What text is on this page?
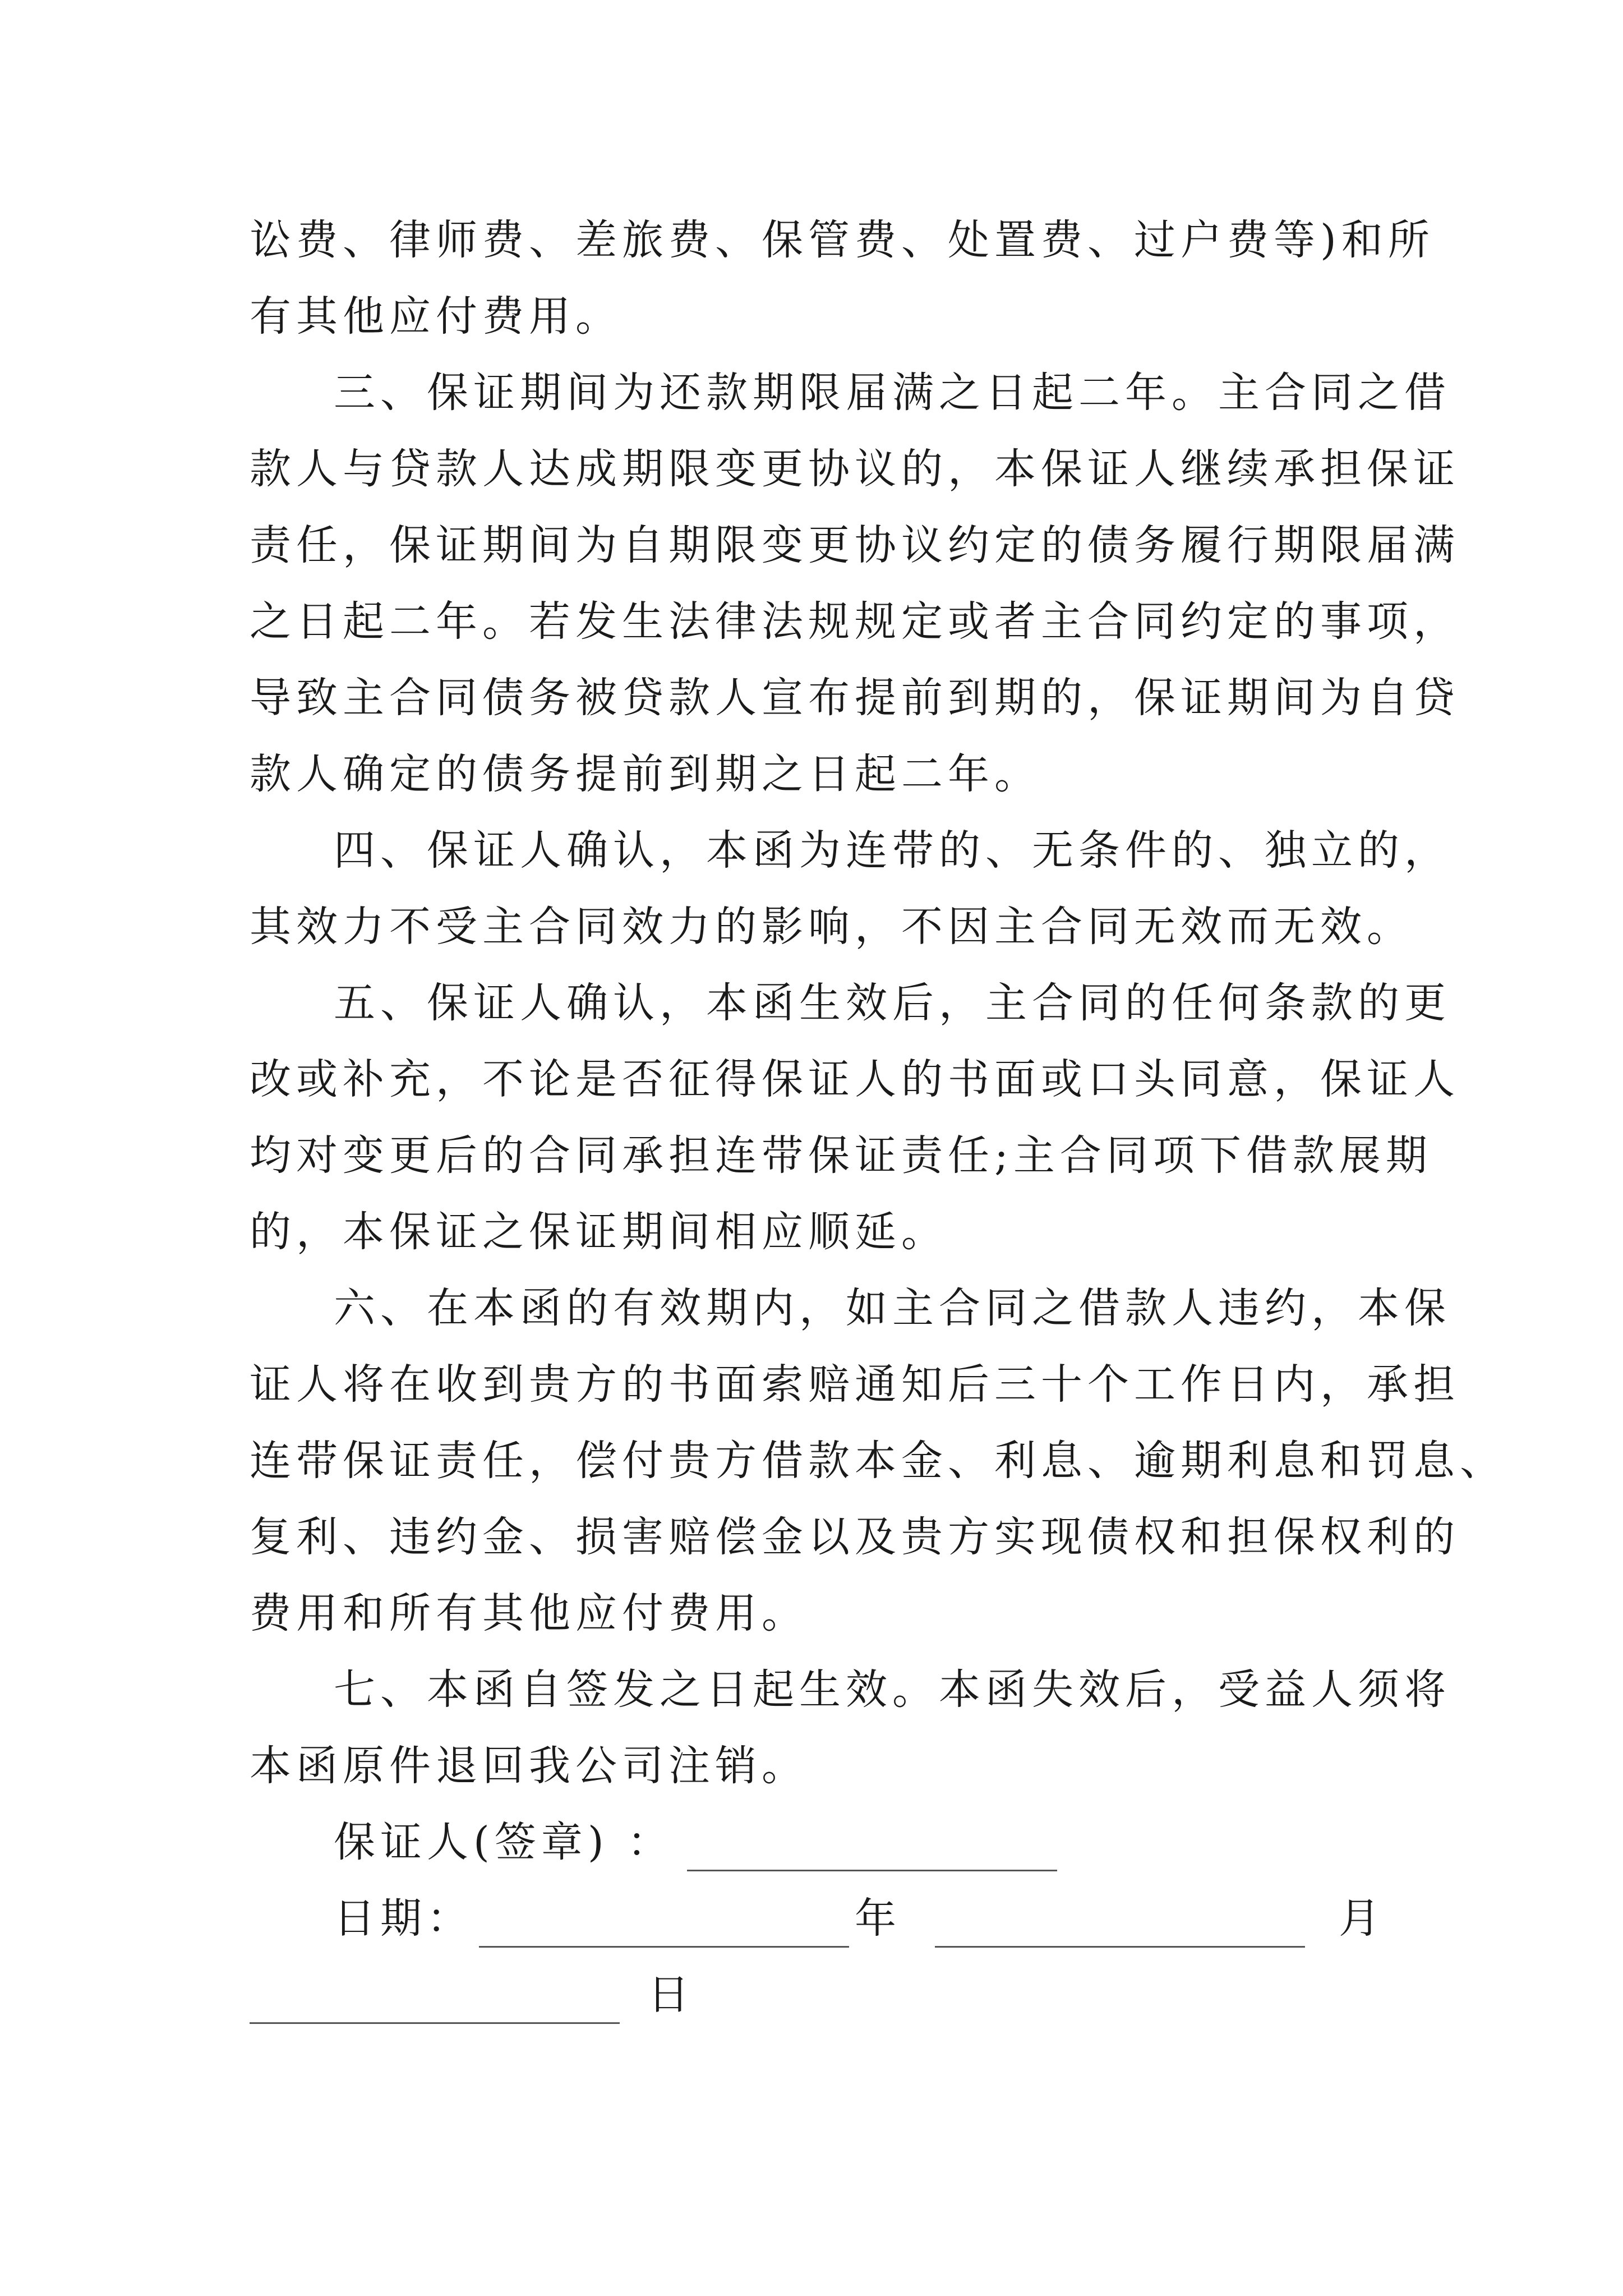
讼费、律师费、差旅费、保管费、处置费、过户费等)和所
有其他应付费用。
三、保证期间为还款期限届满之日起二年。主合同之借
款人与贷款人达成期限变更协议的，本保证人继续承担保证
责任，保证期间为自期限变更协议约定的债务履行期限届满
之日起二年。若发生法律法规规定或者主合同约定的事项，
导致主合同债务被贷款人宣布提前到期的，保证期间为自贷
款人确定的债务提前到期之日起二年。
四、保证人确认，本函为连带的、无条件的、独立的，
其效力不受主合同效力的影响，不因主合同无效而无效。
五、保证人确认，本函生效后，主合同的任何条款的更
改或补充，不论是否征得保证人的书面或口头同意，保证人
均对变更后的合同承担连带保证责任;主合同项下借款展期
的，本保证之保证期间相应顺延。
六、在本函的有效期内，如主合同之借款人违约，本保
证人将在收到贵方的书面索赔通知后三十个工作日内，承担
连带保证责任，偿付贵方借款本金、利息、逾期利息和罚息、
复利、违约金、损害赔偿金以及贵方实现债权和担保权利的
费用和所有其他应付费用。
七、本函自签发之日起生效。本函失效后，受益人须将
本函原件退回我公司注销。
保证人(签章) ：
日期：	年	月
日
